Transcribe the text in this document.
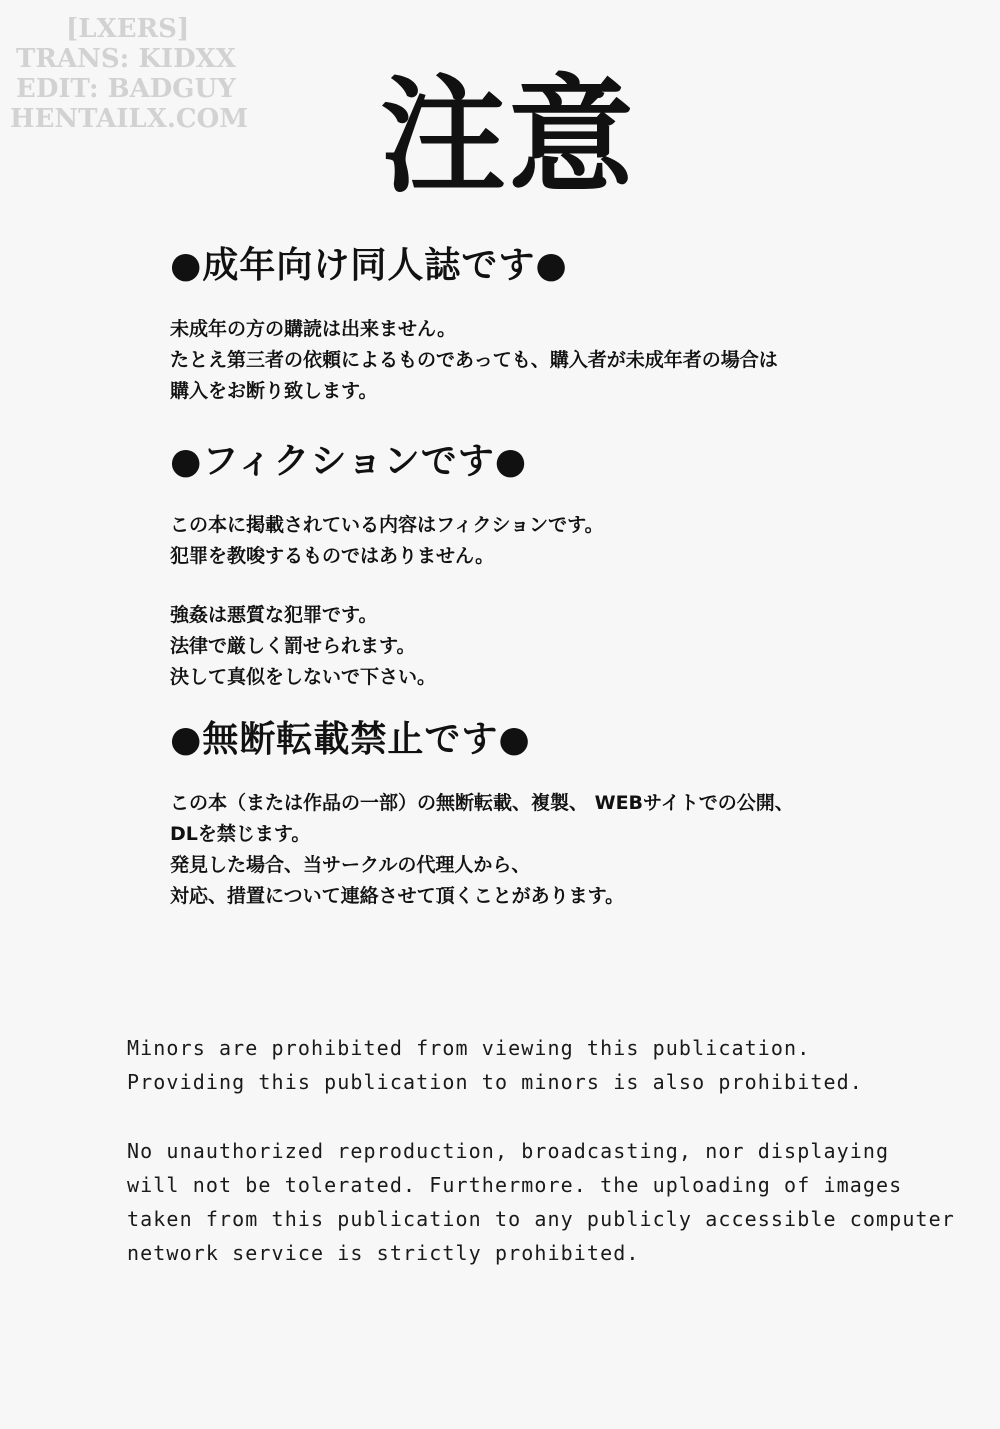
[LXERS]
TRANS: KIDXX
EDIT: BADGUY
HENTAILX.COM 注意
●成年向け同人誌です●
未成年の方の購読は出来ません。
たとえ第三者の依頼によるものであっても、購入者が未成年者の場合は
購入をお断り致します。
●フィクションです●
この本に掲載されている内容はフィクションです。
犯罪を教唆するものではありません。
強姦は悪質な犯罪です。
法律で厳しく罰せられます。
決して真似をしないで下さい。
●無断転載禁止です●
この本（または作品の一部）の無断転載、複製、 WEBサイトでの公開、
DLを禁じます。
発見した場合、当サークルの代理人から、
対応、措置について連絡させて頂くことがあります。
Minors are prohibited from viewing this publication.
Providing this publication to minors is also prohibited.
No unauthorized reproduction, broadcasting, nor displaying
will not be tolerated. Furthermore. the uploading of images
taken from this publication to any publicly accessible computer
network service is strictly prohibited.
